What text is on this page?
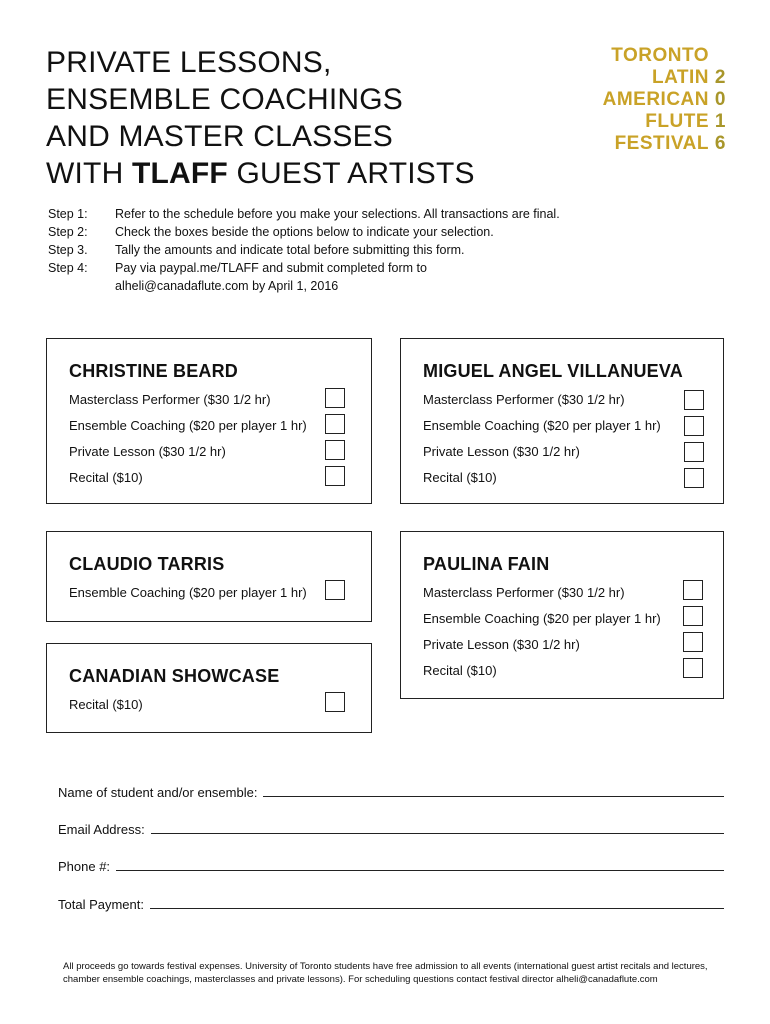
PRIVATE LESSONS,
ENSEMBLE COACHINGS
AND MASTER CLASSES
WITH TLAFF GUEST ARTISTS
TORONTO
LATIN 2
AMERICAN 0
FLUTE 1
FESTIVAL 6
Step 1:	Refer to the schedule before you make your selections. All transactions are final.
Step 2:	Check the boxes beside the options below to indicate your selection.
Step 3.	Tally the amounts and indicate total before submitting this form.
Step 4:	Pay via paypal.me/TLAFF and submit completed form to alheli@canadaflute.com by April 1, 2016
CHRISTINE BEARD
Masterclass Performer ($30 1/2 hr)
Ensemble Coaching ($20 per player 1 hr)
Private Lesson ($30 1/2 hr)
Recital ($10)
MIGUEL ANGEL VILLANUEVA
Masterclass Performer ($30 1/2 hr)
Ensemble Coaching ($20 per player 1 hr)
Private Lesson ($30 1/2 hr)
Recital ($10)
CLAUDIO TARRIS
Ensemble Coaching ($20 per player 1 hr)
CANADIAN SHOWCASE
Recital ($10)
PAULINA FAIN
Masterclass Performer ($30 1/2 hr)
Ensemble Coaching ($20 per player 1 hr)
Private Lesson ($30 1/2 hr)
Recital ($10)
Name of student and/or ensemble:
Email Address:
Phone #:
Total Payment:
All proceeds go towards festival expenses. University of Toronto students have free admission to all events (international guest artist recitals and lectures, chamber ensemble coachings, masterclasses and private lessons). For scheduling questions contact festival director alheli@canadaflute.com
